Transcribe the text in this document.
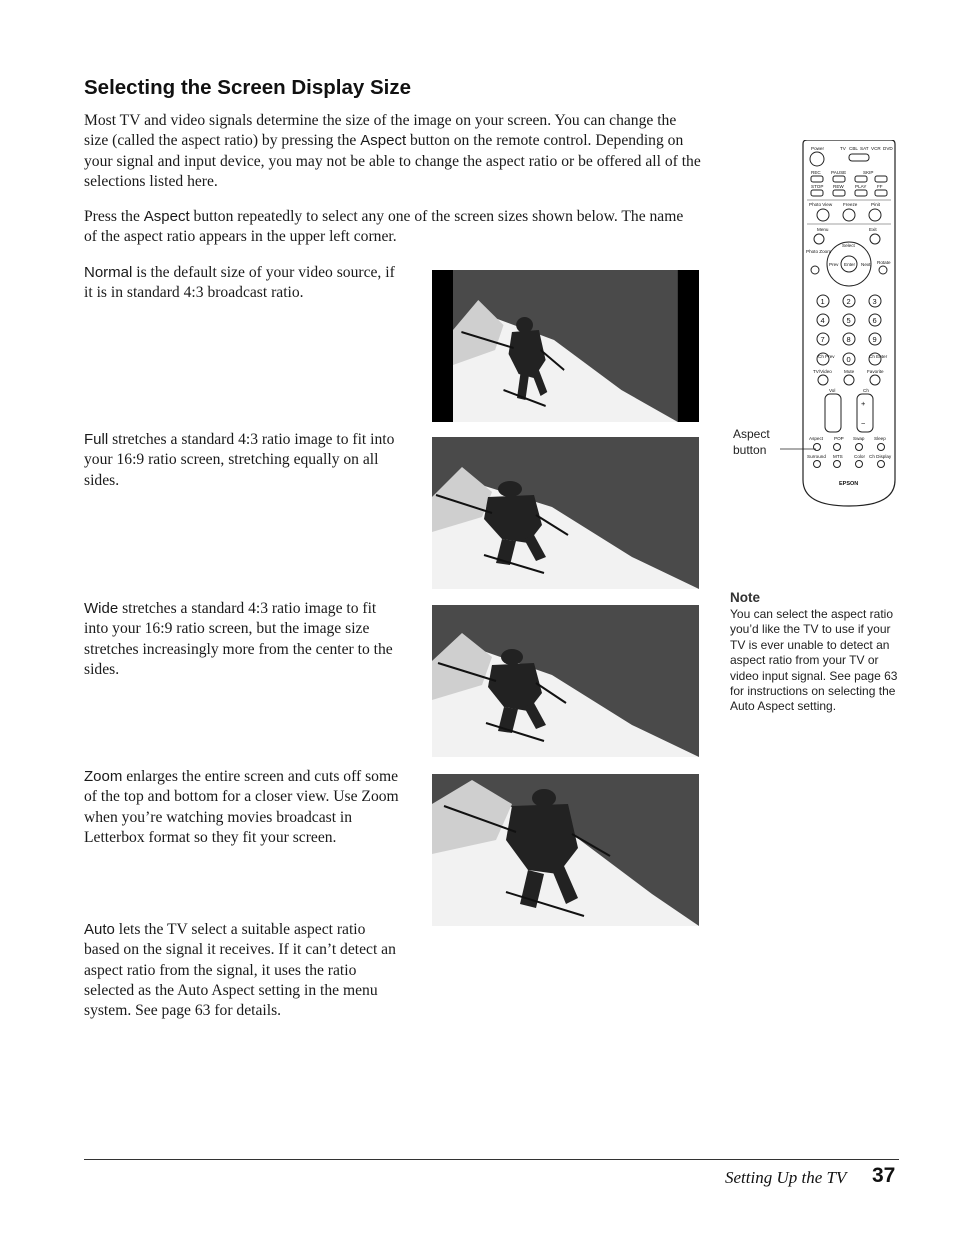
Selecting the Screen Display Size

Most TV and video signals determine the size of the image on your screen. You can change the size (called the aspect ratio) by pressing the Aspect button on the remote control. Depending on your signal and input device, you may not be able to change the aspect ratio or be offered all of the selections listed here.

Press the Aspect button repeatedly to select any one of the screen sizes shown below. The name of the aspect ratio appears in the upper left corner.

Normal is the default size of your video source, if it is in standard 4:3 broadcast ratio.

Full stretches a standard 4:3 ratio image to fit into your 16:9 ratio screen, stretching equally on all sides.

Wide stretches a standard 4:3 ratio image to fit into your 16:9 ratio screen, but the image size stretches increasingly more from the center to the sides.

Zoom enlarges the entire screen and cuts off some of the top and bottom for a closer view. Use Zoom when you’re watching movies broadcast in Letterbox format so they fit your screen.

Auto lets the TV select a suitable aspect ratio based on the signal it receives. If it can’t detect an aspect ratio from the signal, it uses the ratio selected as the Auto Aspect setting in the menu system. See page 63 for details.

Power	TV CBL SAT VCR DVD
REC PAUSE	SKIP
STOP REW PLAY FF
Photo View Freeze	Pinit
Menu	Exit
Select
Photo Zoom
Prev Enter Next Rotate
1	2	3
4	5	6
7	8	9
Ch Prev 0	Ch Enter
TV/Video	Mute	Favorite
Vol	Ch
+
−
Aspect POP Swap Sleep
Surround MTS Color Ch Display
EPSON
Aspect
button
Note
You can select the aspect ratio you’d like the TV to use if your TV is ever unable to detect an aspect ratio from your TV or video input signal. See page 63 for instructions on selecting the Auto Aspect setting.
Setting Up the TV 37
